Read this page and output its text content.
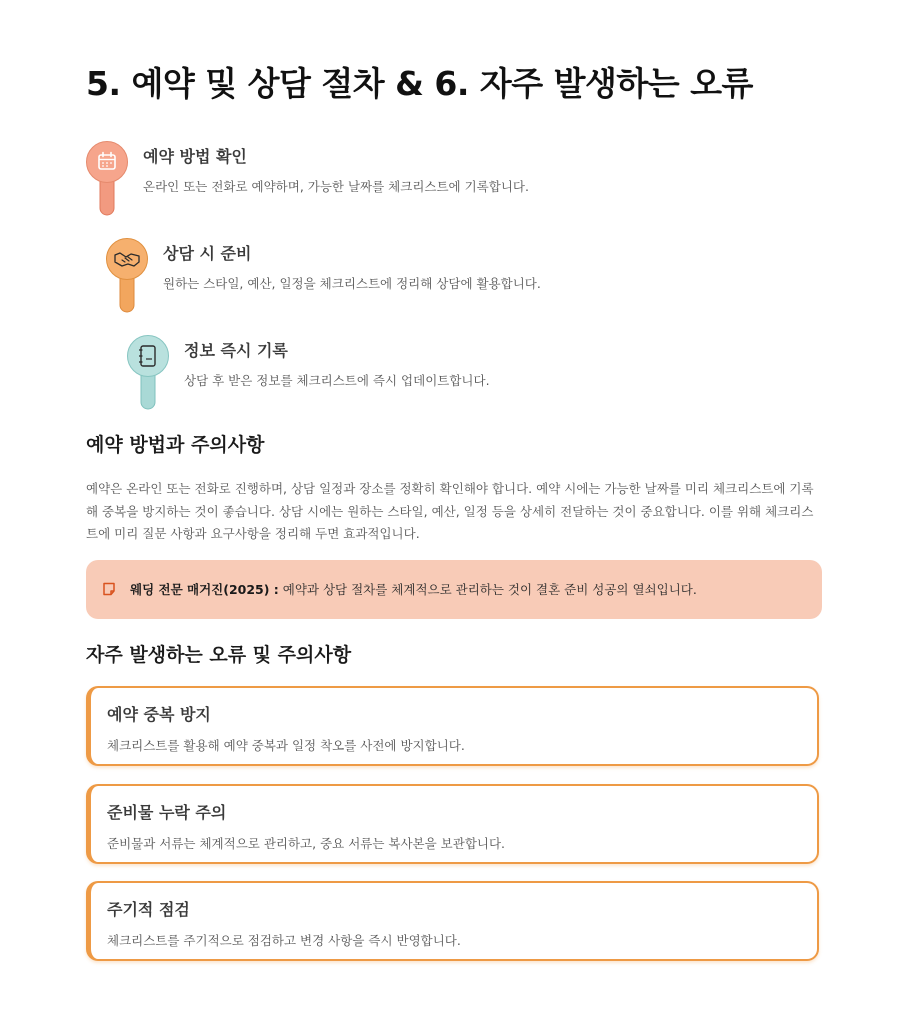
5. 예약 및 상담 절차 & 6. 자주 발생하는 오류
예약 방법 확인
온라인 또는 전화로 예약하며, 가능한 날짜를 체크리스트에 기록합니다.
상담 시 준비
원하는 스타일, 예산, 일정을 체크리스트에 정리해 상담에 활용합니다.
정보 즉시 기록
상담 후 받은 정보를 체크리스트에 즉시 업데이트합니다.
예약 방법과 주의사항

예약은 온라인 또는 전화로 진행하며, 상담 일정과 장소를 정확히 확인해야 합니다. 예약 시에는 가능한 날짜를 미리 체크리스트에 기록해 중복을 방지하는 것이 좋습니다. 상담 시에는 원하는 스타일, 예산, 일정 등을 상세히 전달하는 것이 중요합니다. 이를 위해 체크리스트에 미리 질문 사항과 요구사항을 정리해 두면 효과적입니다.

웨딩 전문 매거진(2025) : 예약과 상담 절차를 체계적으로 관리하는 것이 결혼 준비 성공의 열쇠입니다.
자주 발생하는 오류 및 주의사항
예약 중복 방지
체크리스트를 활용해 예약 중복과 일정 착오를 사전에 방지합니다.
준비물 누락 주의
준비물과 서류는 체계적으로 관리하고, 중요 서류는 복사본을 보관합니다.
주기적 점검
체크리스트를 주기적으로 점검하고 변경 사항을 즉시 반영합니다.
